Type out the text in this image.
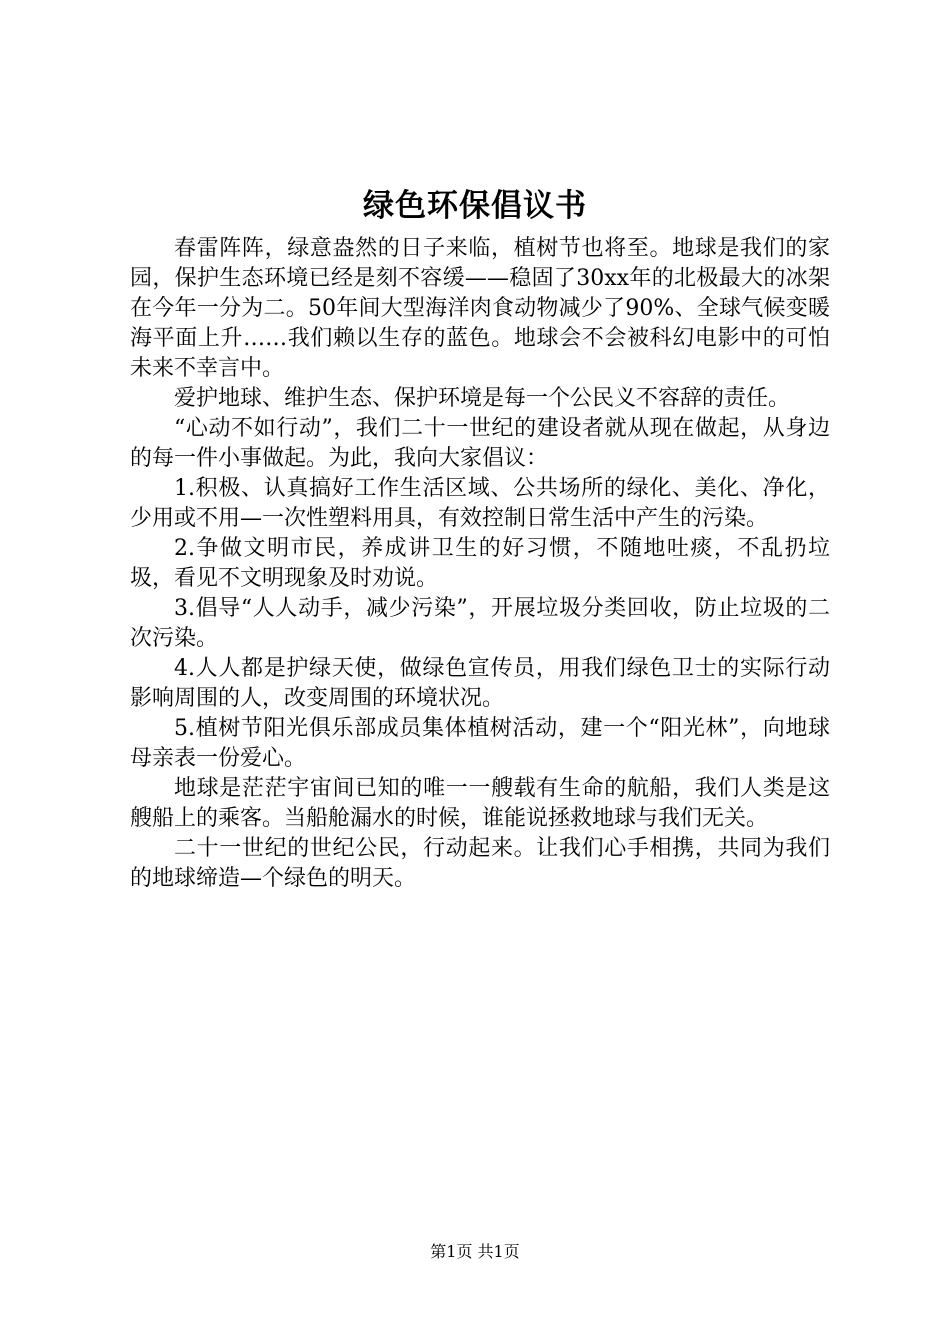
绿色环保倡议书

春雷阵阵，绿意盎然的日子来临，植树节也将至。地球是我们的家园，保护生态环境已经是刻不容缓——稳固了30xx年的北极最大的冰架在今年一分为二。50年间大型海洋肉食动物减少了90%、全球气候变暖海平面上升……我们赖以生存的蓝色。地球会不会被科幻电影中的可怕未来不幸言中。

爱护地球、维护生态、保护环境是每一个公民义不容辞的责任。

“心动不如行动”，我们二十一世纪的建设者就从现在做起，从身边的每一件小事做起。为此，我向大家倡议：

1.积极、认真搞好工作生活区域、公共场所的绿化、美化、净化，少用或不用—一次性塑料用具，有效控制日常生活中产生的污染。

2.争做文明市民，养成讲卫生的好习惯，不随地吐痰，不乱扔垃圾，看见不文明现象及时劝说。

3.倡导“人人动手，减少污染”，开展垃圾分类回收，防止垃圾的二次污染。

4.人人都是护绿天使，做绿色宣传员，用我们绿色卫士的实际行动影响周围的人，改变周围的环境状况。

5.植树节阳光俱乐部成员集体植树活动，建一个“阳光林”，向地球母亲表一份爱心。

地球是茫茫宇宙间已知的唯一一艘载有生命的航船，我们人类是这艘船上的乘客。当船舱漏水的时候，谁能说拯救地球与我们无关。

二十一世纪的世纪公民，行动起来。让我们心手相携，共同为我们的地球缔造—个绿色的明天。

第1页 共1页
